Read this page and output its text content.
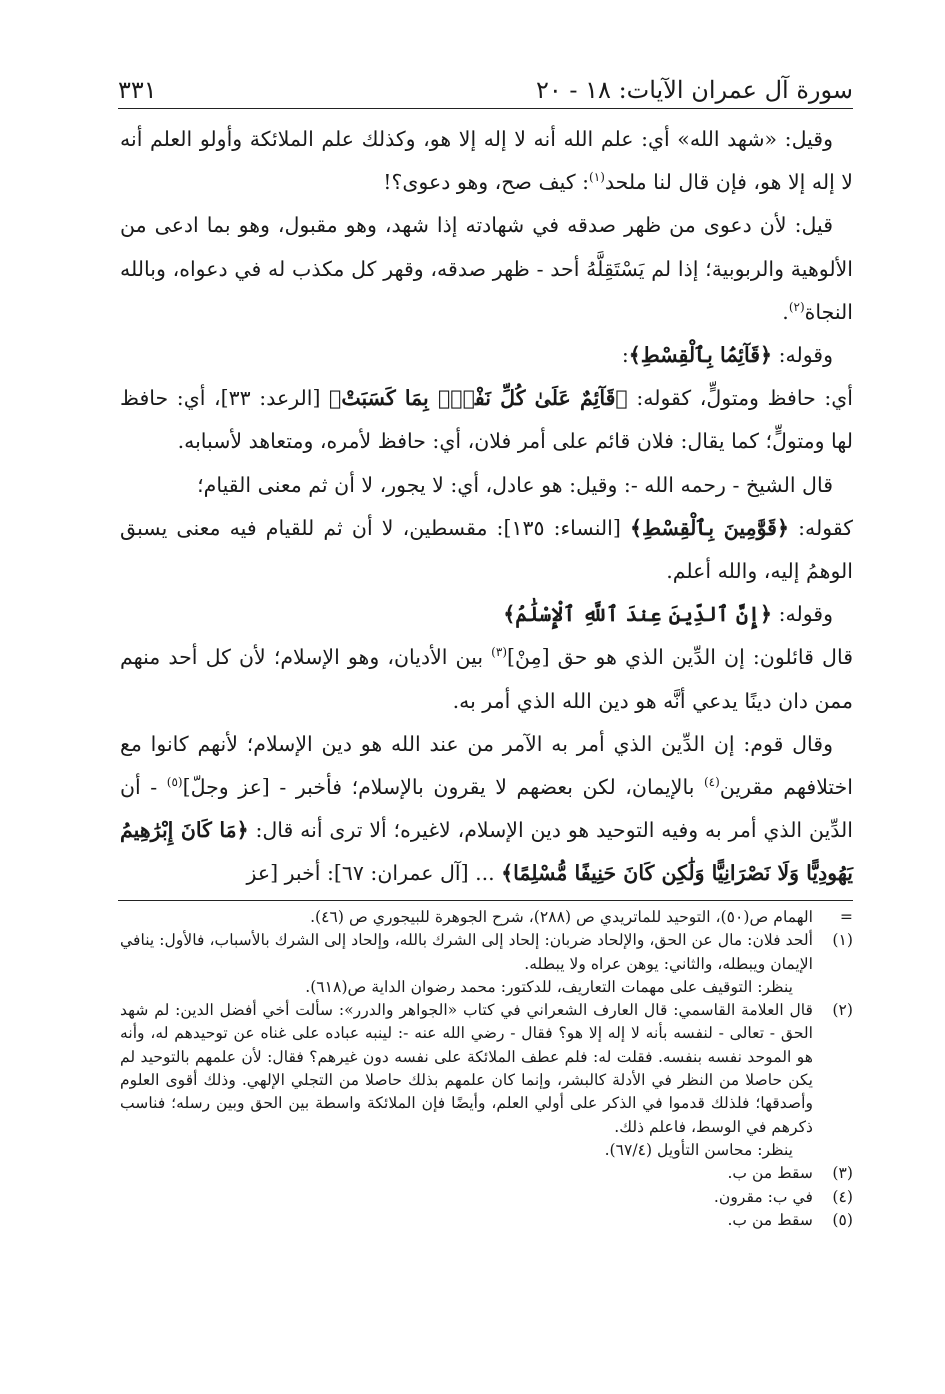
سورة آل عمران الآيات: ١٨ - ٢٠
٣٣١

وقيل: «شهد الله» أي: علم الله أنه لا إله إلا هو، وكذلك علم الملائكة وأولو العلم أنه لا إله إلا هو، فإن قال لنا ملحد$^{(١)}$: كيف صح، وهو دعوى؟!

قيل: لأن دعوى من ظهر صدقه في شهادته إذا شهد، وهو مقبول، وهو بما ادعى من الألوهية والربوبية؛ إذا لم يَسْتَقِلَّهُ أحد - ظهر صدقه، وقهر كل مكذب له في دعواه، وبالله النجاة$^{(٢)}$.

وقوله: ﴿قَآئِمَۢا بِٱلْقِسْطِ﴾:

أي: حافظ ومتولٍّ، كقوله: ﴿قَآئِمٌ عَلَىٰ كُلِّ نَفْسٍۭ بِمَا كَسَبَتْ﴾ [الرعد: ٣٣]، أي: حافظ لها ومتولٍّ؛ كما يقال: فلان قائم على أمر فلان، أي: حافظ لأمره، ومتعاهد لأسبابه.

قال الشيخ - رحمه الله -: وقيل: هو عادل، أي: لا يجور، لا أن ثم معنى القيام؛

كقوله: ﴿قَوَّٰمِينَ بِٱلْقِسْطِ﴾ [النساء: ١٣٥]: مقسطين، لا أن ثم للقيام فيه معنى يسبق الوهمُ إليه، والله أعلم.

وقوله: ﴿إِنَّ ٱلدِّينَ عِندَ ٱللَّهِ ٱلْإِسْلَٰمُ﴾

قال قائلون: إن الدِّين الذي هو حق [مِنْ]$^{(٣)}$ بين الأديان، وهو الإسلام؛ لأن كل أحد منهم ممن دان دينًا يدعي أنَّه هو دين الله الذي أمر به.

وقال قوم: إن الدِّين الذي أمر به الآمر من عند الله هو دين الإسلام؛ لأنهم كانوا مع اختلافهم مقرين$^{(٤)}$ بالإيمان، لكن بعضهم لا يقرون بالإسلام؛ فأخبر - [عز وجلّ]$^{(٥)}$ - أن الدِّين الذي أمر به وفيه التوحيد هو دين الإسلام، لاغيره؛ ألا ترى أنه قال: ﴿مَا كَانَ إِبْرَٰهِيمُ يَهُودِيًّا وَلَا نَصْرَانِيًّا وَلَٰكِن كَانَ حَنِيفًا مُّسْلِمًا﴾ ... [آل عمران: ٦٧]: أخبر [عز

=
الهمام ص(٥٠)، التوحيد للماتريدي ص (٢٨٨)، شرح الجوهرة للبيجوري ص (٤٦).
(١)

ألحد فلان: مال عن الحق، والإلحاد ضربان: إلحاد إلى الشرك بالله، وإلحاد إلى الشرك بالأسباب، فالأول: ينافي الإيمان ويبطله، والثاني: يوهن عراه ولا يبطله.

ينظر: التوقيف على مهمات التعاريف، للدكتور: محمد رضوان الداية ص(٦١٨).

(٢)

قال العلامة القاسمي: قال العارف الشعراني في كتاب «الجواهر والدرر»: سألت أخي أفضل الدين: لم شهد الحق - تعالى - لنفسه بأنه لا إله إلا هو؟ فقال - رضي الله عنه -: لينبه عباده على غناه عن توحيدهم له، وأنه هو الموحد نفسه بنفسه. فقلت له: فلم عطف الملائكة على نفسه دون غيرهم؟ فقال: لأن علمهم بالتوحيد لم يكن حاصلا من النظر في الأدلة كالبشر، وإنما كان علمهم بذلك حاصلا من التجلي الإلهي. وذلك أقوى العلوم وأصدقها؛ فلذلك قدموا في الذكر على أولي العلم، وأيضًا فإن الملائكة واسطة بين الحق وبين رسله؛ فناسب ذكرهم في الوسط، فاعلم ذلك.

ينظر: محاسن التأويل (٦٧/٤).

(٣)
سقط من ب.
(٤)
في ب: مقرون.
(٥)
سقط من ب.
